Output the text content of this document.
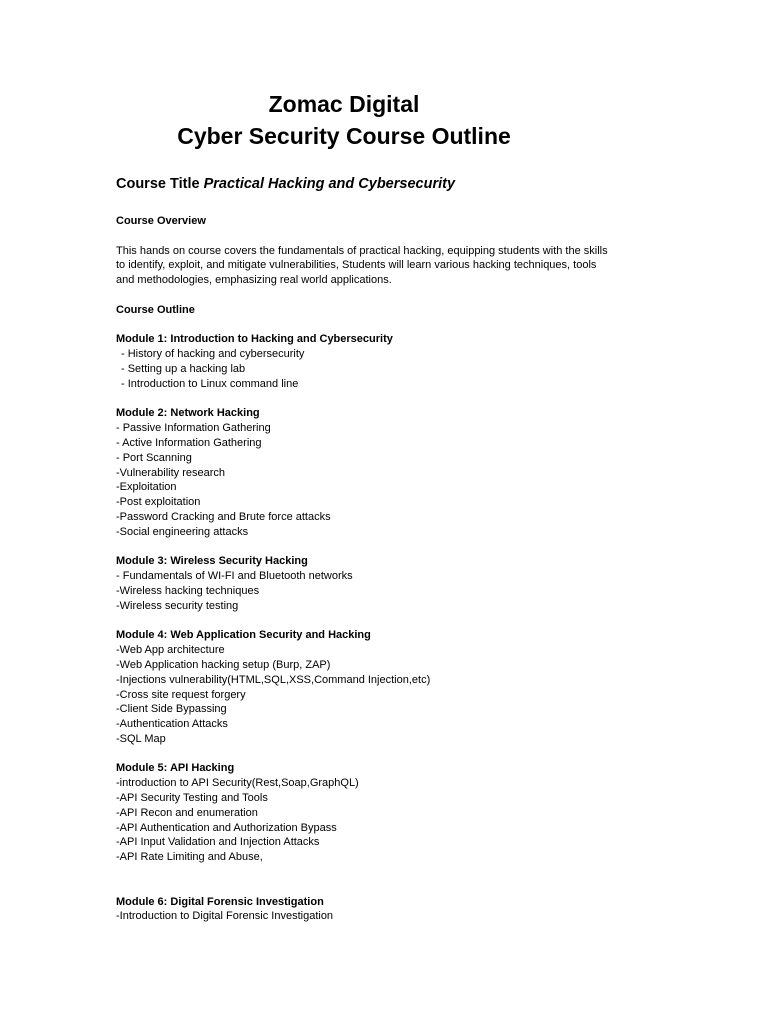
Zomac Digital
Cyber Security Course Outline
Course Title Practical Hacking and Cybersecurity
Course Overview
This hands on course covers the fundamentals of practical hacking, equipping students with the skills
to identify, exploit, and mitigate vulnerabilities, Students will learn various hacking techniques, tools
and methodologies, emphasizing real world applications.
Course Outline
Module 1: Introduction to Hacking and Cybersecurity
- History of hacking and cybersecurity
- Setting up a hacking lab
- Introduction to Linux command line
Module 2: Network Hacking
- Passive Information Gathering
- Active Information Gathering
- Port Scanning
-Vulnerability research
-Exploitation
-Post exploitation
-Password Cracking and Brute force attacks
-Social engineering attacks
Module 3: Wireless Security Hacking
- Fundamentals of WI-FI and Bluetooth networks
-Wireless hacking techniques
-Wireless security testing
Module 4: Web Application Security and Hacking
-Web App architecture
-Web Application hacking setup (Burp, ZAP)
-Injections vulnerability(HTML,SQL,XSS,Command Injection,etc)
-Cross site request forgery
-Client Side Bypassing
-Authentication Attacks
-SQL Map
Module 5: API Hacking
-introduction to API Security(Rest,Soap,GraphQL)
-API Security Testing and Tools
-API Recon and enumeration
-API Authentication and Authorization Bypass
-API Input Validation and Injection Attacks
-API Rate Limiting and Abuse,
Module 6: Digital Forensic Investigation
-Introduction to Digital Forensic Investigation
